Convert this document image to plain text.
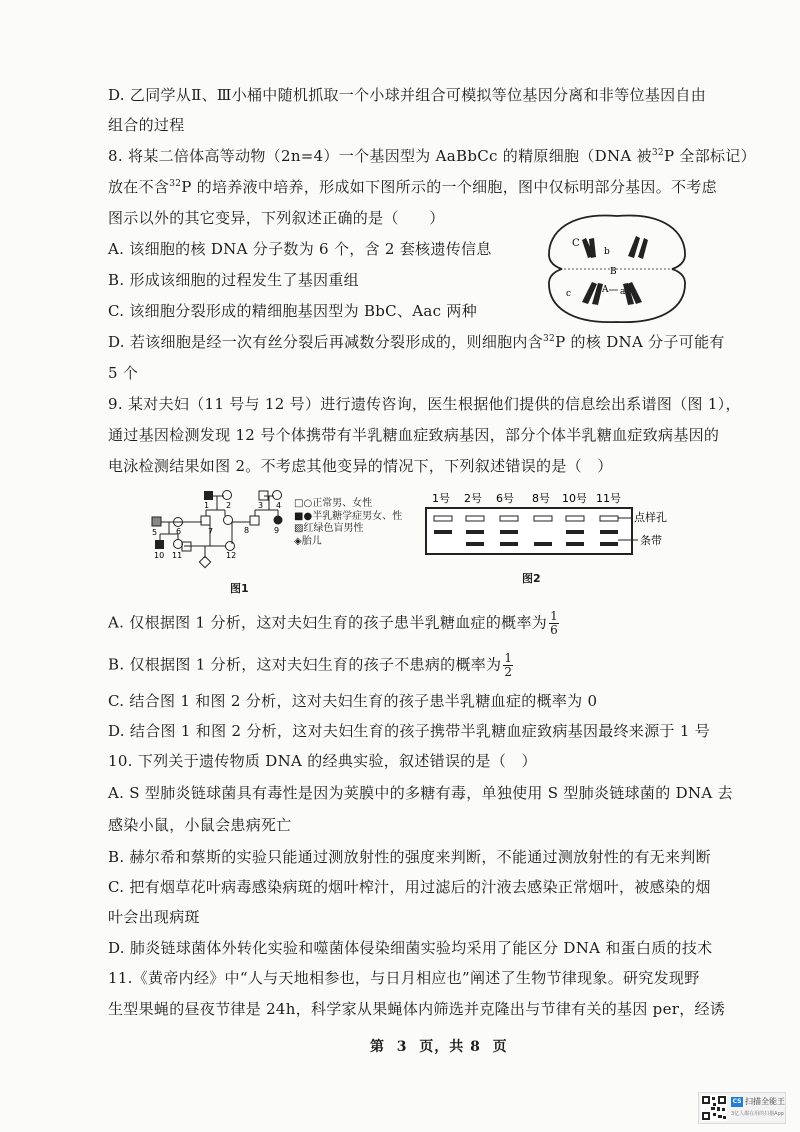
D. 乙同学从Ⅱ、Ⅲ小桶中随机抓取一个小球并组合可模拟等位基因分离和非等位基因自由
组合的过程
8. 将某二倍体高等动物（2n=4）一个基因型为 AaBbCc 的精原细胞（DNA 被$^{32}$P 全部标记）
放在不含$^{32}$P 的培养液中培养，形成如下图所示的一个细胞，图中仅标明部分基因。不考虑
图示以外的其它变异，下列叙述正确的是（　　）
A. 该细胞的核 DNA 分子数为 6 个，含 2 套核遗传信息
B. 形成该细胞的过程发生了基因重组
C. 该细胞分裂形成的精细胞基因型为 BbC、Aac 两种
D. 若该细胞是经一次有丝分裂后再减数分裂形成的，则细胞内含$^{32}$P 的核 DNA 分子可能有
5 个
C
b
B
c	A a
9. 某对夫妇（11 号与 12 号）进行遗传咨询，医生根据他们提供的信息绘出系谱图（图 1），
通过基因检测发现 12 号个体携带有半乳糖血症致病基因，部分个体半乳糖血症致病基因的
电泳检测结果如图 2。不考虑其他变异的情况下，下列叙述错误的是（　）
1 2	3 4
5 6	7	8	9
10 11	12
□○正常男、女性
■●半乳糖学症男女、性
▨红绿色盲男性
◈胎儿
图1
1号 2号 6号 8号 10号 11号
点样孔
条带
图2
A. 仅根据图 1 分析，这对夫妇生育的孩子患半乳糖血症的概率为 $\frac{1}{6}$
B. 仅根据图 1 分析，这对夫妇生育的孩子不患病的概率为 $\frac{1}{2}$
C. 结合图 1 和图 2 分析，这对夫妇生育的孩子患半乳糖血症的概率为 0
D. 结合图 1 和图 2 分析，这对夫妇生育的孩子携带半乳糖血症致病基因最终来源于 1 号
10. 下列关于遗传物质 DNA 的经典实验，叙述错误的是（　）
A. S 型肺炎链球菌具有毒性是因为荚膜中的多糖有毒，单独使用 S 型肺炎链球菌的 DNA 去
感染小鼠，小鼠会患病死亡
B. 赫尔希和蔡斯的实验只能通过测放射性的强度来判断，不能通过测放射性的有无来判断
C. 把有烟草花叶病毒感染病斑的烟叶榨汁，用过滤后的汁液去感染正常烟叶，被感染的烟
叶会出现病斑
D. 肺炎链球菌体外转化实验和噬菌体侵染细菌实验均采用了能区分 DNA 和蛋白质的技术
11.《黄帝内经》中“人与天地相参也，与日月相应也”阐述了生物节律现象。研究发现野
生型果蝇的昼夜节律是 24h，科学家从果蝇体内筛选并克隆出与节律有关的基因 per，经诱
第 3 页，共 8 页
CS 扫描全能王
3亿人都在用的扫描App
